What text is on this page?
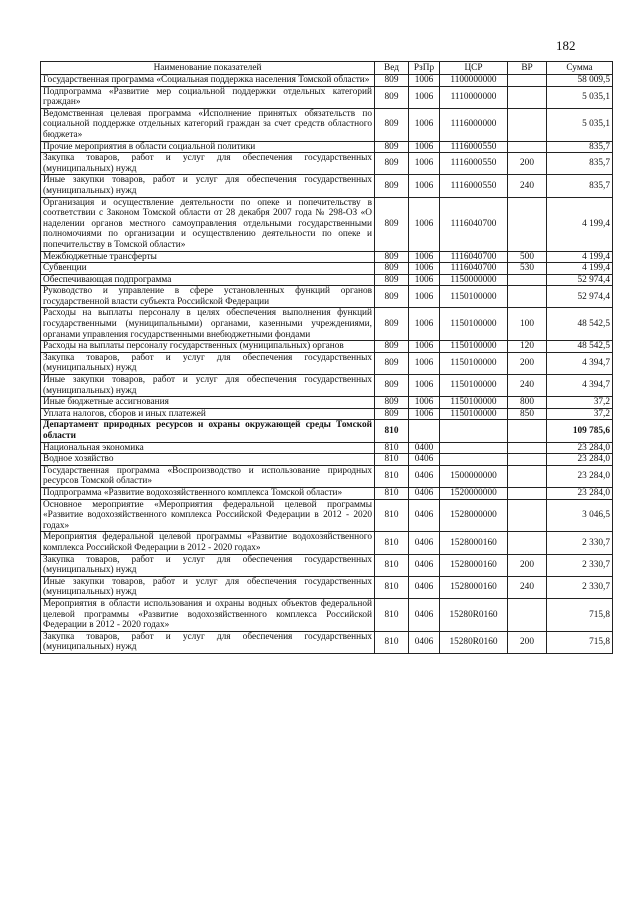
182
Наименование показателей	Вед	РзПр	ЦСР	ВР	Сумма
Государственная программа «Социальная поддержка населения Томской области»	809	1006	1100000000		58 009,5
Подпрограмма «Развитие мер социальной поддержки отдельных категорий граждан»	809	1006	1110000000		5 035,1
Ведомственная целевая программа «Исполнение принятых обязательств по социальной поддержке отдельных категорий граждан за счет средств областного бюджета»	809	1006	1116000000		5 035,1
Прочие мероприятия в области социальной политики	809	1006	1116000550		835,7
Закупка товаров, работ и услуг для обеспечения государственных (муниципальных) нужд	809	1006	1116000550	200	835,7
Иные закупки товаров, работ и услуг для обеспечения государственных (муниципальных) нужд	809	1006	1116000550	240	835,7
Организация и осуществление деятельности по опеке и попечительству в соответствии с Законом Томской области от 28 декабря 2007 года № 298-ОЗ «О наделении органов местного самоуправления отдельными государственными полномочиями по организации и осуществлению деятельности по опеке и попечительству в Томской области»	809	1006	1116040700		4 199,4
Межбюджетные трансферты	809	1006	1116040700	500	4 199,4
Субвенции	809	1006	1116040700	530	4 199,4
Обеспечивающая подпрограмма	809	1006	1150000000		52 974,4
Руководство и управление в сфере установленных функций органов государственной власти субъекта Российской Федерации	809	1006	1150100000		52 974,4
Расходы на выплаты персоналу в целях обеспечения выполнения функций государственными (муниципальными) органами, казенными учреждениями, органами управления государственными внебюджетными фондами	809	1006	1150100000	100	48 542,5
Расходы на выплаты персоналу государственных (муниципальных) органов	809	1006	1150100000	120	48 542,5
Закупка товаров, работ и услуг для обеспечения государственных (муниципальных) нужд	809	1006	1150100000	200	4 394,7
Иные закупки товаров, работ и услуг для обеспечения государственных (муниципальных) нужд	809	1006	1150100000	240	4 394,7
Иные бюджетные ассигнования	809	1006	1150100000	800	37,2
Уплата налогов, сборов и иных платежей	809	1006	1150100000	850	37,2
Департамент природных ресурсов и охраны окружающей среды Томской области	810				109 785,6
Национальная экономика	810	0400			23 284,0
Водное хозяйство	810	0406			23 284,0
Государственная программа «Воспроизводство и использование природных ресурсов Томской области»	810	0406	1500000000		23 284,0
Подпрограмма «Развитие водохозяйственного комплекса Томской области»	810	0406	1520000000		23 284,0
Основное мероприятие «Мероприятия федеральной целевой программы «Развитие водохозяйственного комплекса Российской Федерации в 2012 - 2020 годах»	810	0406	1528000000		3 046,5
Мероприятия федеральной целевой программы «Развитие водохозяйственного комплекса Российской Федерации в 2012 - 2020 годах»	810	0406	1528000160		2 330,7
Закупка товаров, работ и услуг для обеспечения государственных (муниципальных) нужд	810	0406	1528000160	200	2 330,7
Иные закупки товаров, работ и услуг для обеспечения государственных (муниципальных) нужд	810	0406	1528000160	240	2 330,7
Мероприятия в области использования и охраны водных объектов федеральной целевой программы «Развитие водохозяйственного комплекса Российской Федерации в 2012 - 2020 годах»	810	0406	15280R0160		715,8
Закупка товаров, работ и услуг для обеспечения государственных (муниципальных) нужд	810	0406	15280R0160	200	715,8
